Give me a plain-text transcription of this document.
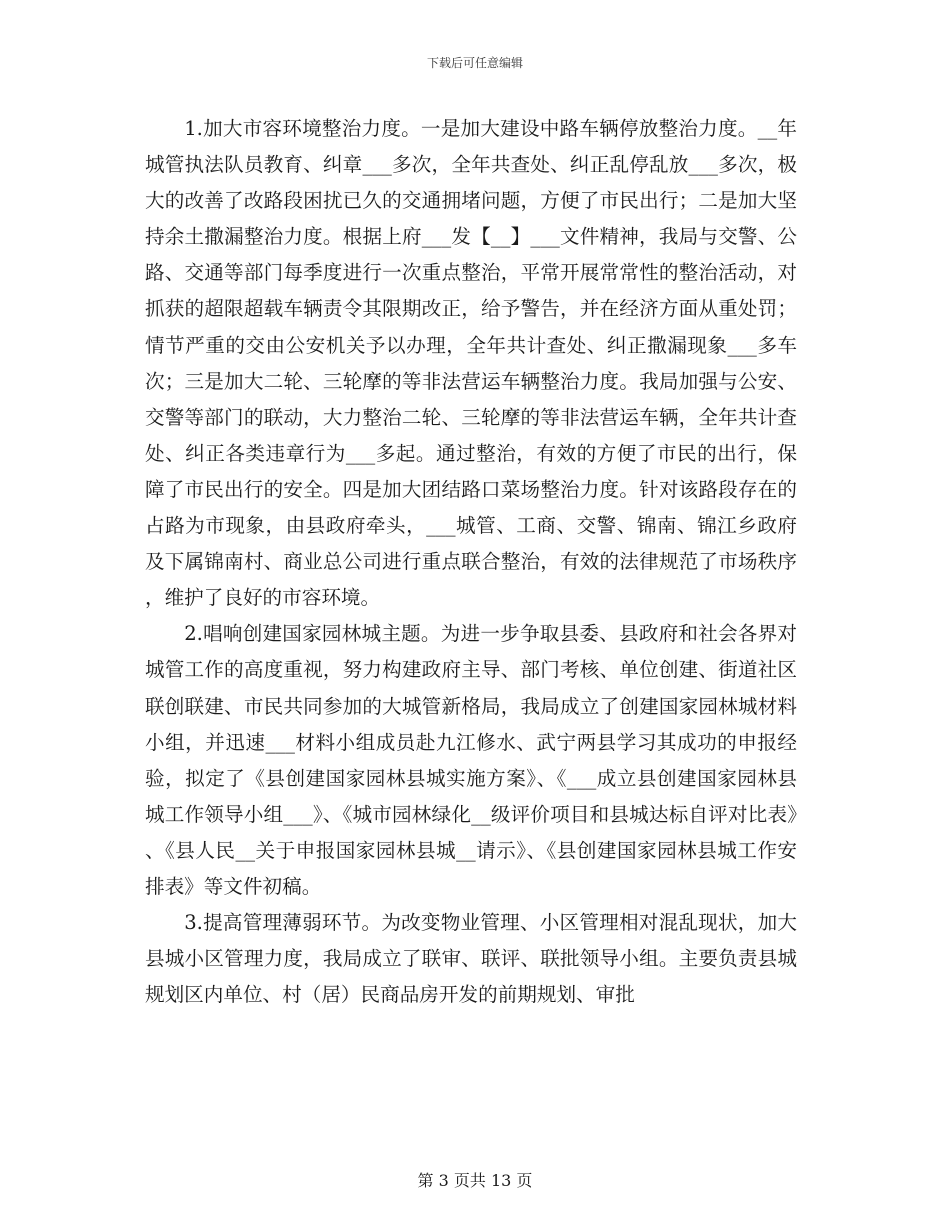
下载后可任意编辑

1.加大市容环境整治力度。一是加大建设中路车辆停放整治力度。__年城管执法队员教育、纠章___多次，全年共查处、纠正乱停乱放___多次，极大的改善了改路段困扰已久的交通拥堵问题，方便了市民出行；二是加大坚持余土撒漏整治力度。根据上府___发【__】___文件精神，我局与交警、公路、交通等部门每季度进行一次重点整治，平常开展常常性的整治活动，对抓获的超限超载车辆责令其限期改正，给予警告，并在经济方面从重处罚；情节严重的交由公安机关予以办理，全年共计查处、纠正撒漏现象___多车次；三是加大二轮、三轮摩的等非法营运车辆整治力度。我局加强与公安、交警等部门的联动，大力整治二轮、三轮摩的等非法营运车辆，全年共计查处、纠正各类违章行为___多起。通过整治，有效的方便了市民的出行，保障了市民出行的安全。四是加大团结路口菜场整治力度。针对该路段存在的占路为市现象，由县政府牵头，___城管、工商、交警、锦南、锦江乡政府及下属锦南村、商业总公司进行重点联合整治，有效的法律规范了市场秩序，维护了良好的市容环境。

2.唱响创建国家园林城主题。为进一步争取县委、县政府和社会各界对城管工作的高度重视，努力构建政府主导、部门考核、单位创建、街道社区联创联建、市民共同参加的大城管新格局，我局成立了创建国家园林城材料小组，并迅速___材料小组成员赴九江修水、武宁两县学习其成功的申报经验，拟定了《县创建国家园林县城实施方案》、《___成立县创建国家园林县城工作领导小组___》、《城市园林绿化__级评价项目和县城达标自评对比表》、《县人民__关于申报国家园林县城__请示》、《县创建国家园林县城工作安排表》等文件初稿。

3.提高管理薄弱环节。为改变物业管理、小区管理相对混乱现状，加大县城小区管理力度，我局成立了联审、联评、联批领导小组。主要负责县城规划区内单位、村（居）民商品房开发的前期规划、审批

第 3 页共 13 页
